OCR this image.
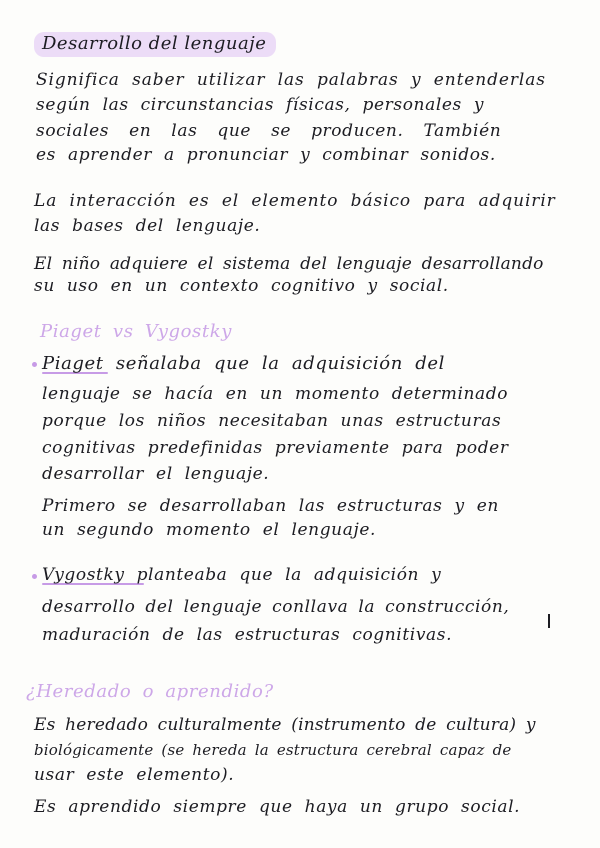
Desarrollo del lenguaje
Significa saber utilizar las palabras y entenderlas
según las circunstancias físicas, personales y
sociales en las que se producen. También
es aprender a pronunciar y combinar sonidos.
La interacción es el elemento básico para adquirir
las bases del lenguaje.
El niño adquiere el sistema del lenguaje desarrollando
su uso en un contexto cognitivo y social.
Piaget vs Vygostky
Piaget señalaba que la adquisición del
lenguaje se hacía en un momento determinado
porque los niños necesitaban unas estructuras
cognitivas predefinidas previamente para poder
desarrollar el lenguaje.
Primero se desarrollaban las estructuras y en
un segundo momento el lenguaje.
Vygostky planteaba que la adquisición y
desarrollo del lenguaje conllava la construcción,
maduración de las estructuras cognitivas.
¿Heredado o aprendido?
Es heredado culturalmente (instrumento de cultura) y
biológicamente (se hereda la estructura cerebral capaz de
usar este elemento).
Es aprendido siempre que haya un grupo social.
